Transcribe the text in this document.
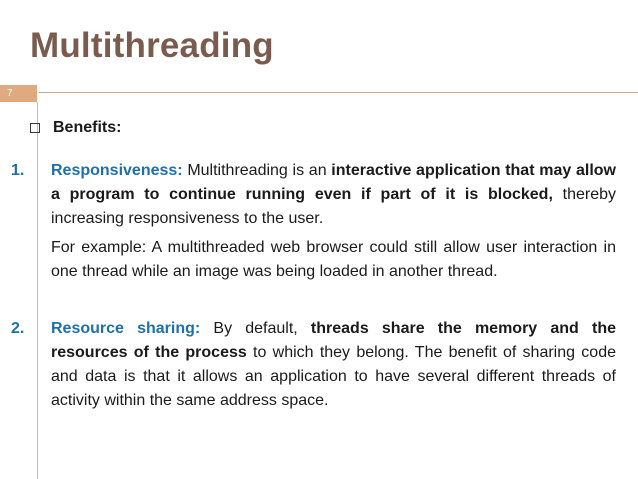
Multithreading
7
Benefits:

1. Responsiveness: Multithreading is an interactive application that may allow a program to continue running even if part of it is blocked, thereby increasing responsiveness to the user.

For example: A multithreaded web browser could still allow user interaction in one thread while an image was being loaded in another thread.

2. Resource sharing: By default, threads share the memory and the resources of the process to which they belong. The benefit of sharing code and data is that it allows an application to have several different threads of activity within the same address space.
